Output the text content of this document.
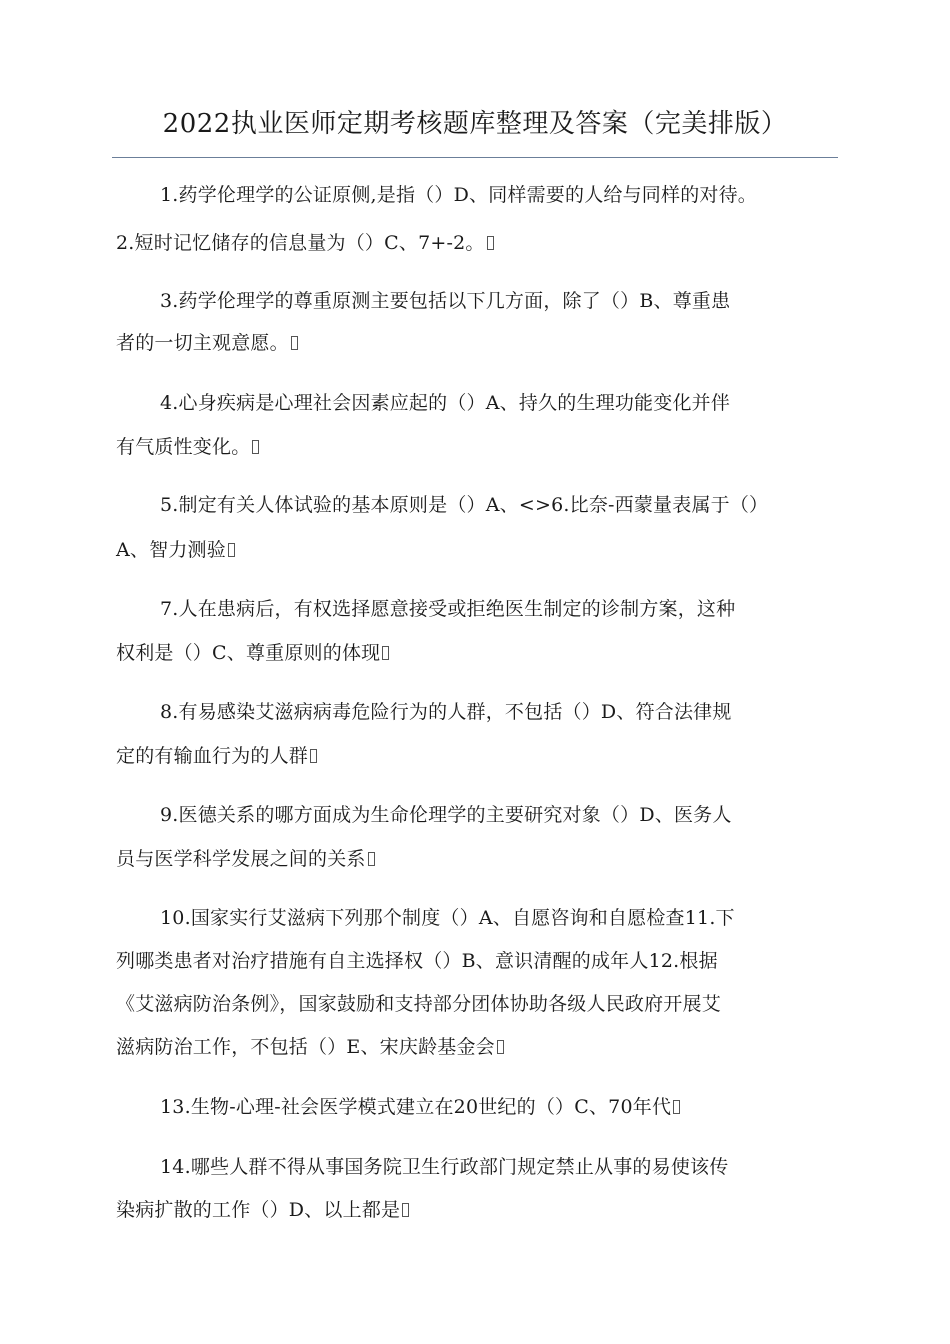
2022执业医师定期考核题库整理及答案（完美排版）
1.药学伦理学的公证原侧,是指（）D、同样需要的人给与同样的对待。
2.短时记忆储存的信息量为（）C、7+-2。
3.药学伦理学的尊重原测主要包括以下几方面，除了（）B、尊重患
者的一切主观意愿。
4.心身疾病是心理社会因素应起的（）A、持久的生理功能变化并伴
有气质性变化。
5.制定有关人体试验的基本原则是（）A、<>6.比奈-西蒙量表属于（）
A、智力测验
7.人在患病后，有权选择愿意接受或拒绝医生制定的诊制方案，这种
权利是（）C、尊重原则的体现
8.有易感染艾滋病病毒危险行为的人群，不包括（）D、符合法律规
定的有输血行为的人群
9.医德关系的哪方面成为生命伦理学的主要研究对象（）D、医务人
员与医学科学发展之间的关系
10.国家实行艾滋病下列那个制度（）A、自愿咨询和自愿检查11.下
列哪类患者对治疗措施有自主选择权（）B、意识清醒的成年人12.根据
《艾滋病防治条例》，国家鼓励和支持部分团体协助各级人民政府开展艾
滋病防治工作，不包括（）E、宋庆龄基金会
13.生物-心理-社会医学模式建立在20世纪的（）C、70年代
14.哪些人群不得从事国务院卫生行政部门规定禁止从事的易使该传
染病扩散的工作（）D、以上都是
